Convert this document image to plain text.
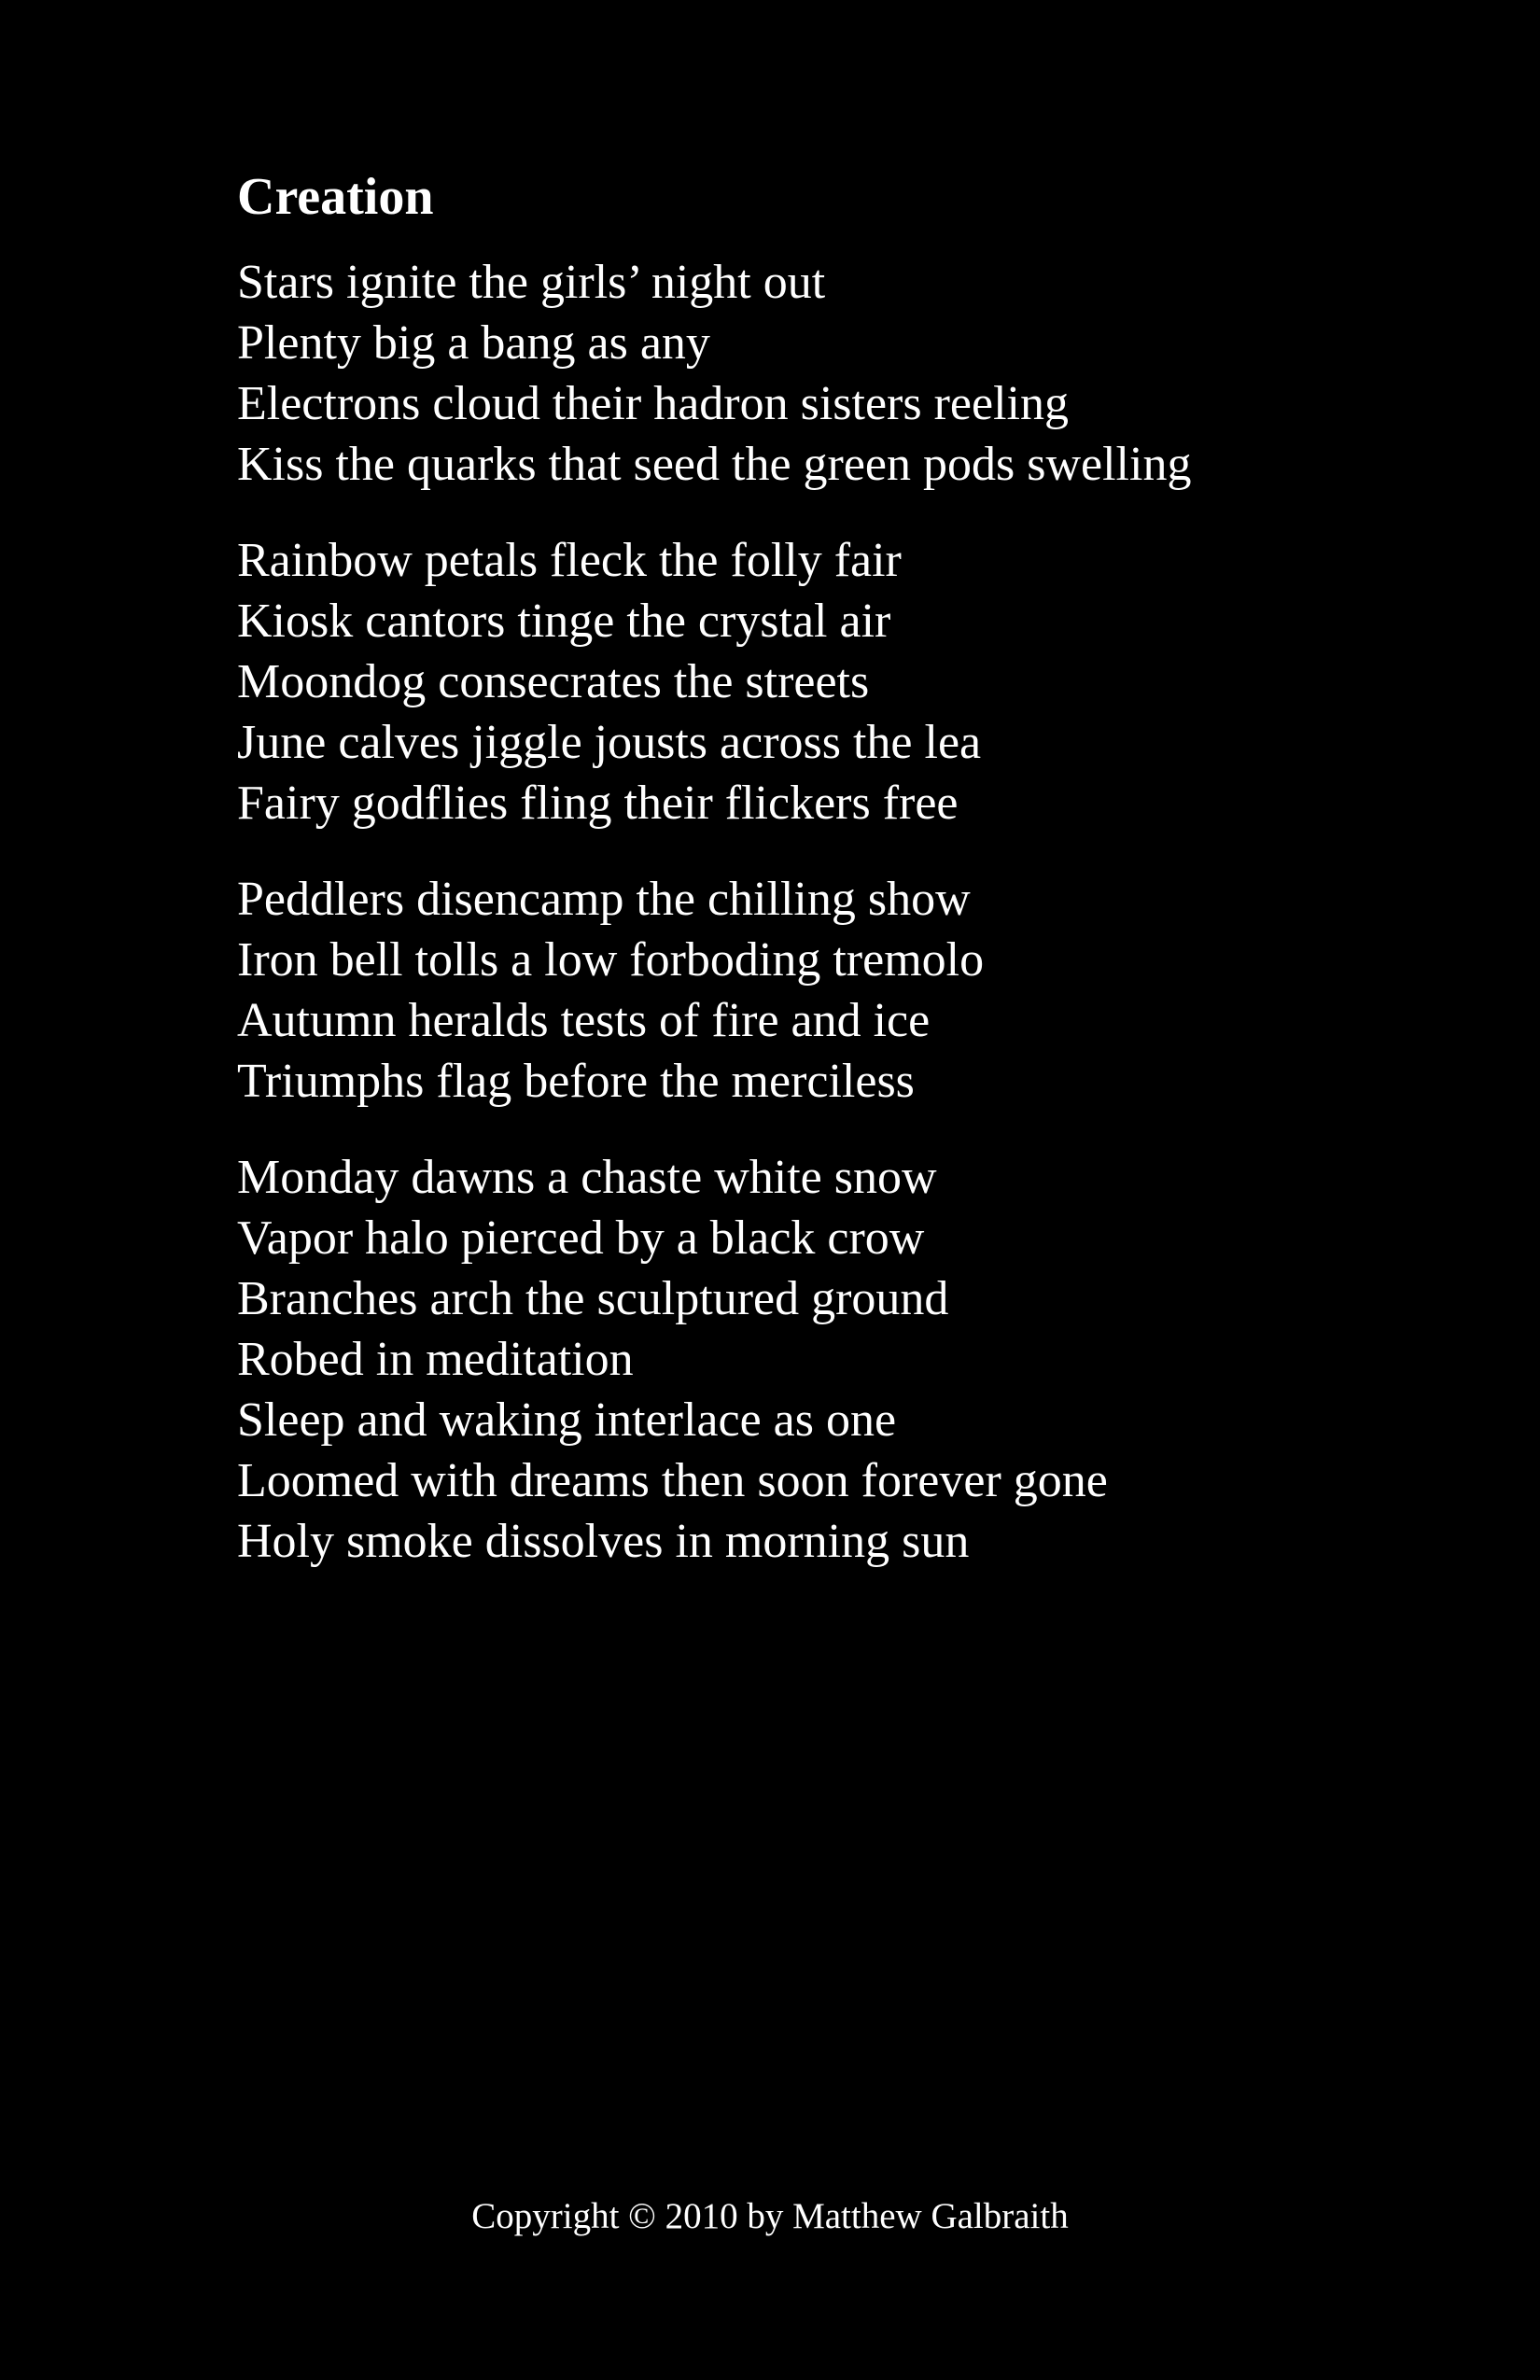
Creation
Stars ignite the girls’ night out
Plenty big a bang as any
Electrons cloud their hadron sisters reeling
Kiss the quarks that seed the green pods swelling
Rainbow petals fleck the folly fair
Kiosk cantors tinge the crystal air
Moondog consecrates the streets
June calves jiggle jousts across the lea
Fairy godflies fling their flickers free
Peddlers disencamp the chilling show
Iron bell tolls a low forboding tremolo
Autumn heralds tests of fire and ice
Triumphs flag before the merciless
Monday dawns a chaste white snow
Vapor halo pierced by a black crow
Branches arch the sculptured ground
Robed in meditation
Sleep and waking interlace as one
Loomed with dreams then soon forever gone
Holy smoke dissolves in morning sun
Copyright © 2010 by Matthew Galbraith
